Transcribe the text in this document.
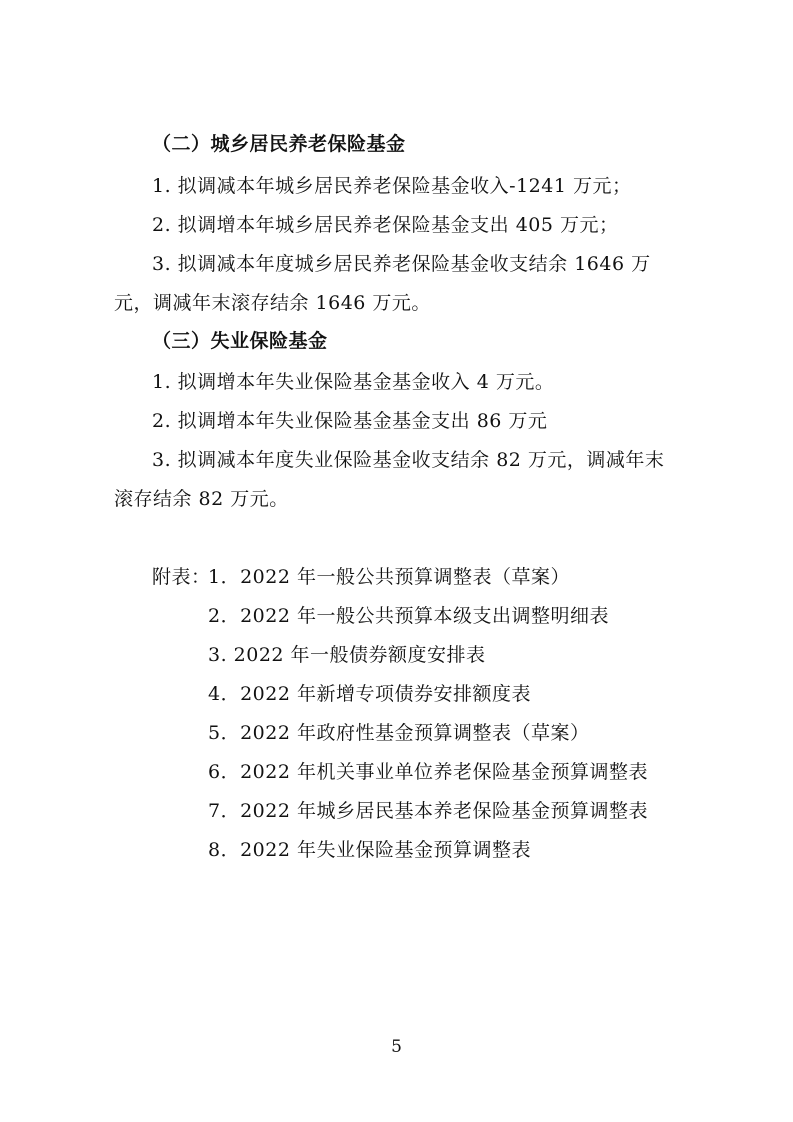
（二）城乡居民养老保险基金
1. 拟调减本年城乡居民养老保险基金收入-1241 万元；
2. 拟调增本年城乡居民养老保险基金支出 405 万元；
3. 拟调减本年度城乡居民养老保险基金收支结余 1646 万
元，调减年末滚存结余 1646 万元。
（三）失业保险基金
1. 拟调增本年失业保险基金基金收入 4 万元。
2. 拟调增本年失业保险基金基金支出 86 万元
3. 拟调减本年度失业保险基金收支结余 82 万元，调减年末
滚存结余 82 万元。
附表：
1．2022 年一般公共预算调整表（草案）
2．2022 年一般公共预算本级支出调整明细表
3. 2022 年一般债券额度安排表
4．2022 年新增专项债券安排额度表
5．2022 年政府性基金预算调整表（草案）
6．2022 年机关事业单位养老保险基金预算调整表
7．2022 年城乡居民基本养老保险基金预算调整表
8．2022 年失业保险基金预算调整表
5
